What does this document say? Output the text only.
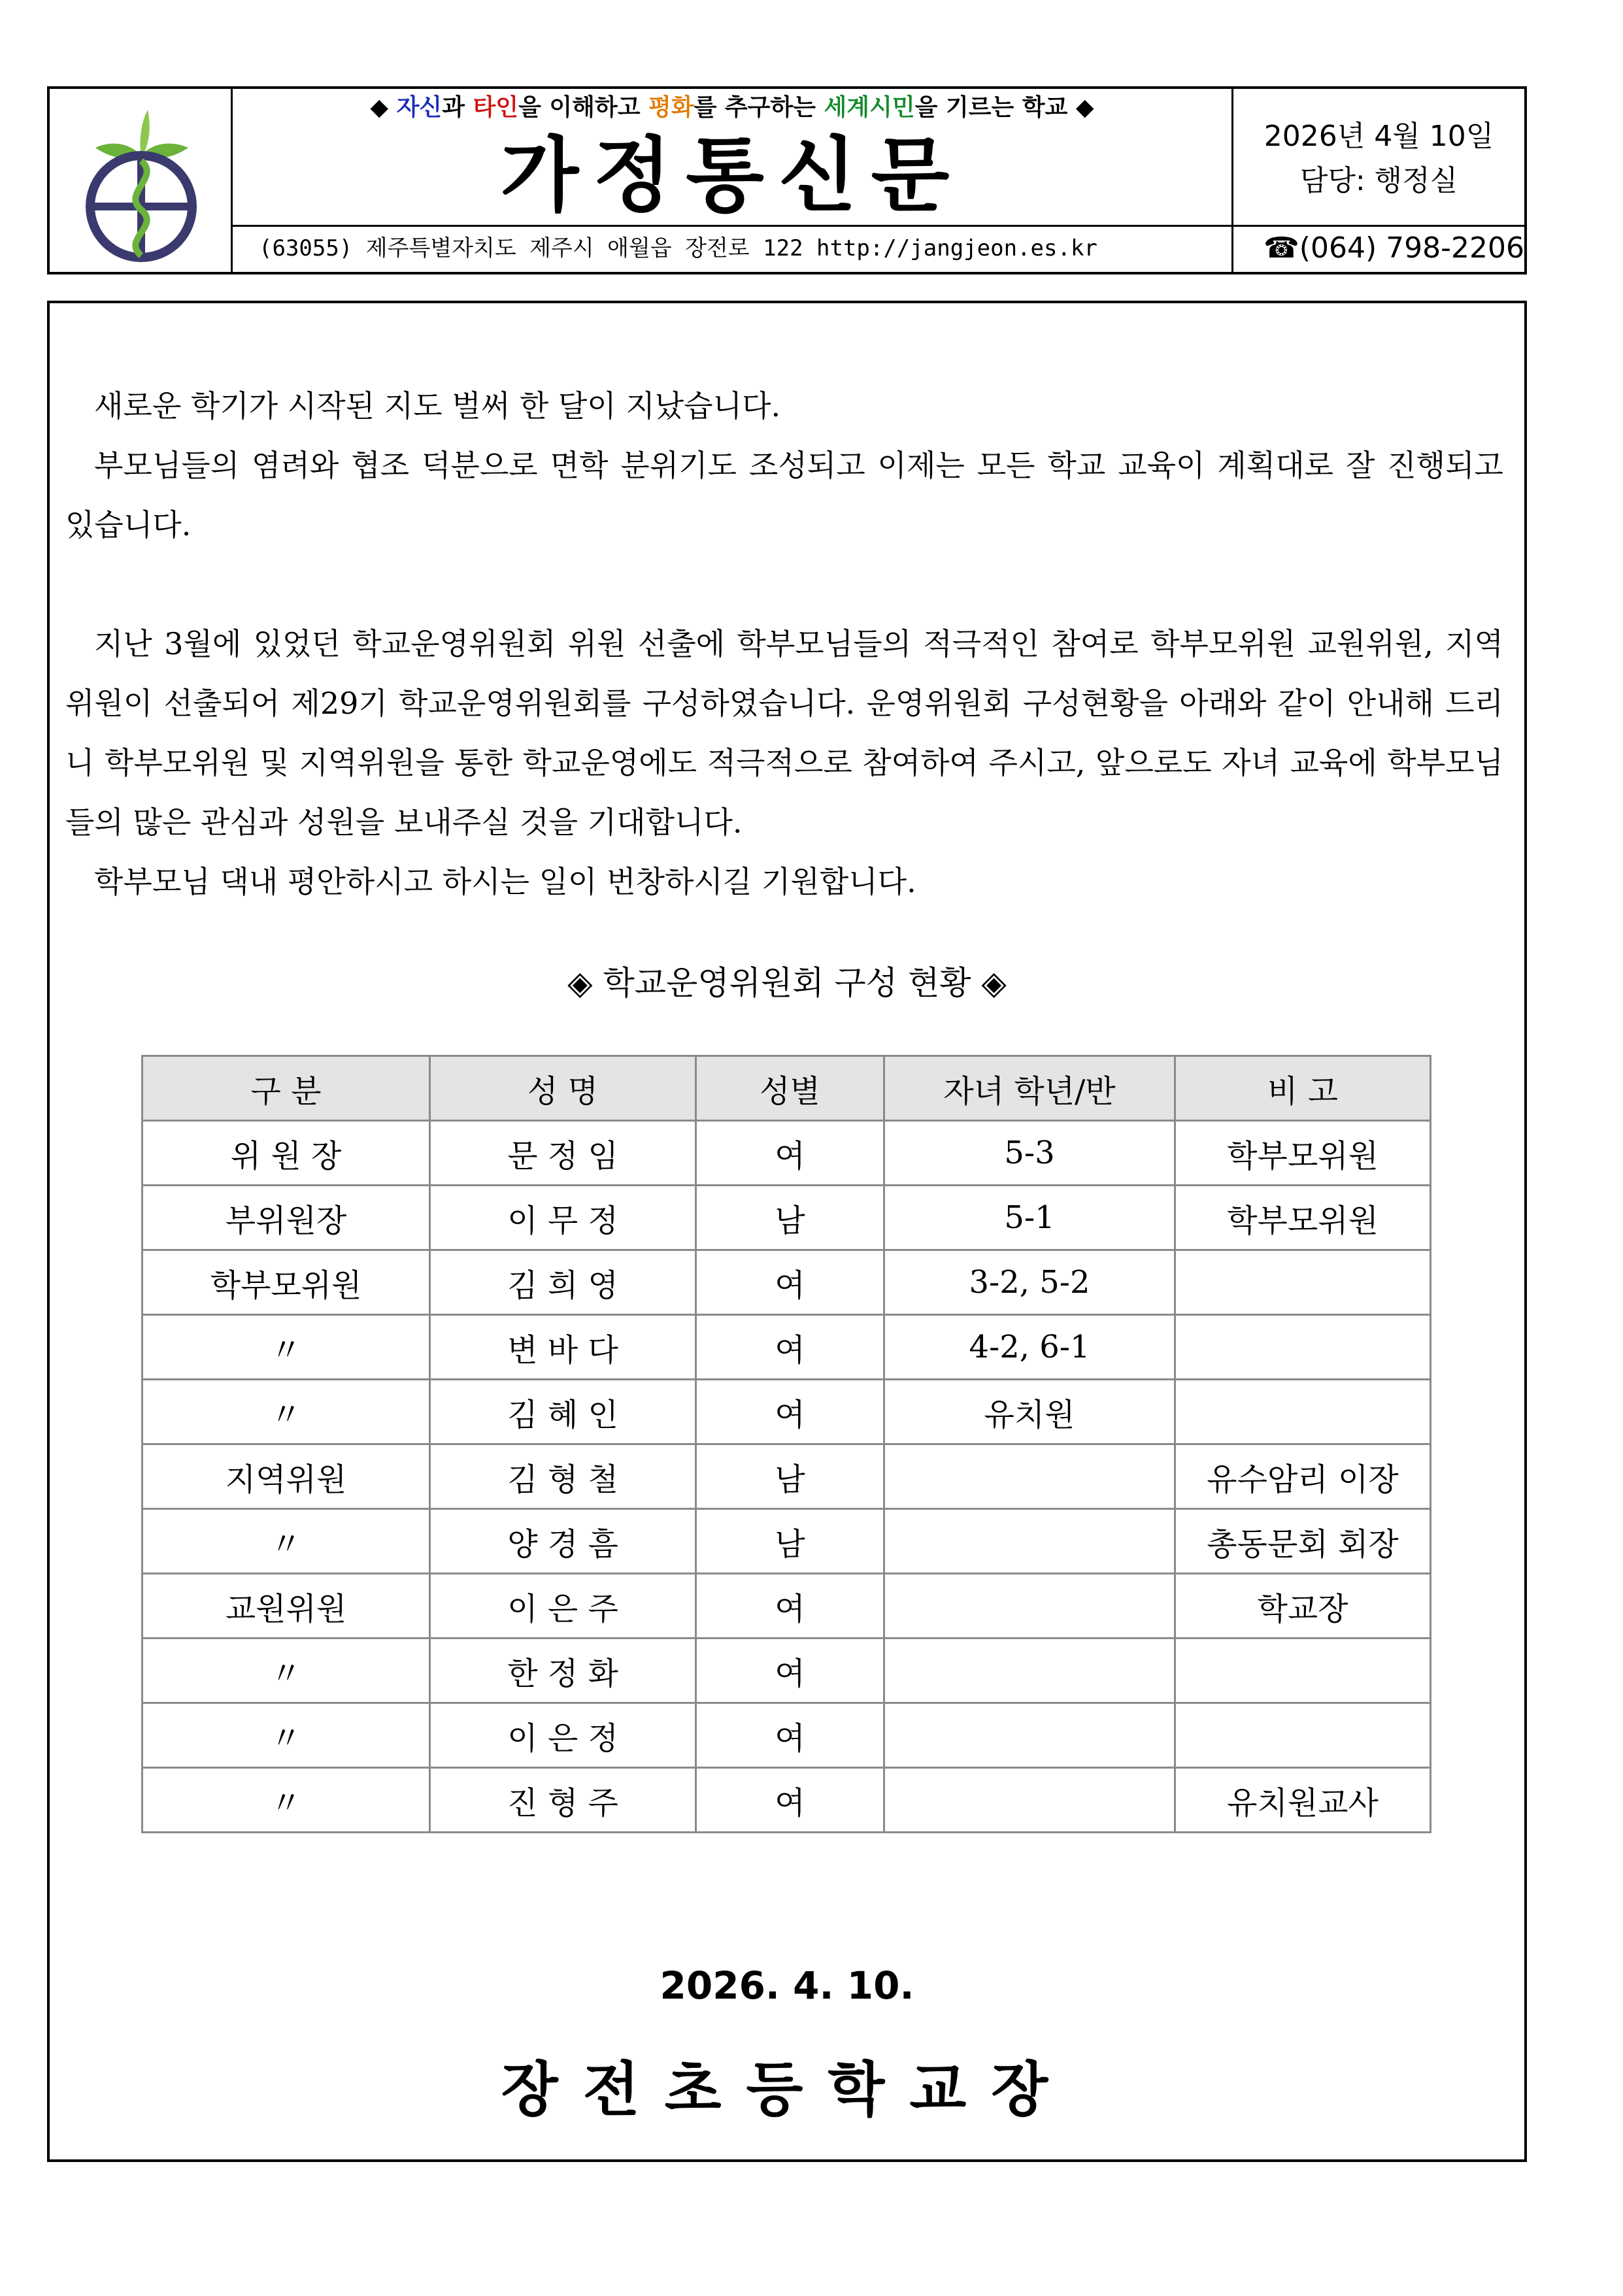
◆ 자신과 타인을 이해하고 평화를 추구하는 세계시민을 기르는 학교 ◆
가정통신문	2026년 4월 10일
담당: 행정실
(63055) 제주특별자치도 제주시 애월읍 장전로 122 http://jangjeon.es.kr	☎(064) 798-2206

새로운 학기가 시작된 지도 벌써 한 달이 지났습니다.

부모님들의 염려와 협조 덕분으로 면학 분위기도 조성되고 이제는 모든 학교 교육이 계획대로 잘 진행되고 있습니다.

지난 3월에 있었던 학교운영위원회 위원 선출에 학부모님들의 적극적인 참여로 학부모위원 교원위원, 지역위원이 선출되어 제29기 학교운영위원회를 구성하였습니다. 운영위원회 구성현황을 아래와 같이 안내해 드리니 학부모위원 및 지역위원을 통한 학교운영에도 적극적으로 참여하여 주시고, 앞으로도 자녀 교육에 학부모님들의 많은 관심과 성원을 보내주실 것을 기대합니다.

학부모님 댁내 평안하시고 하시는 일이 번창하시길 기원합니다.

◈ 학교운영위원회 구성 현황 ◈
구 분	성 명	성별	자녀 학년/반	비 고
위 원 장	문 정 임	여	5-3	학부모위원
부위원장	이 무 정	남	5-1	학부모위원
학부모위원	김 희 영	여	3-2, 5-2	
〃	변 바 다	여	4-2, 6-1	
〃	김 혜 인	여	유치원	
지역위원	김 형 철	남		유수암리 이장
〃	양 경 흠	남		총동문회 회장
교원위원	이 은 주	여		학교장
〃	한 정 화	여		
〃	이 은 정	여		
〃	진 형 주	여		유치원교사
2026. 4. 10.
장전초등학교장
